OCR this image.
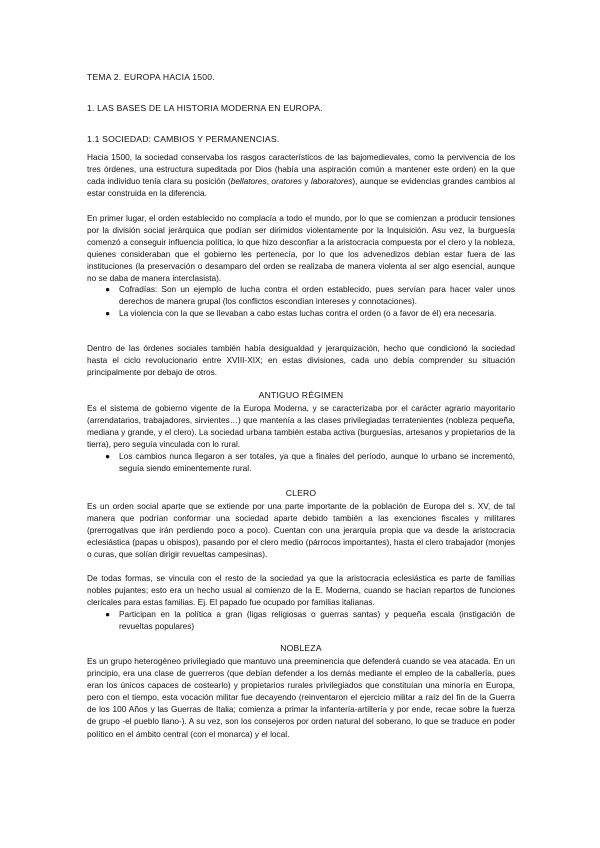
TEMA 2. EUROPA HACIA 1500.
1. LAS BASES DE LA HISTORIA MODERNA EN EUROPA.
1.1 SOCIEDAD: CAMBIOS Y PERMANENCIAS.

Hacia 1500, la sociedad conservaba los rasgos característicos de las bajomedievales, como la pervivencia de los tres órdenes, una estructura supeditada por Dios (había una aspiración común a mantener este orden) en la que cada individuo tenía clara su posición (bellatores, oratores y laboratores), aunque se evidencias grandes cambios al estar construida en la diferencia.

En primer lugar, el orden establecido no complacía a todo el mundo, por lo que se comienzan a producir tensiones por la división social jerárquica que podían ser dirimidos violentamente por la Inquisición. Asu vez, la burguesía comenzó a conseguir influencia política, lo que hizo desconfiar a la aristocracia compuesta por el clero y la nobleza, quienes consideraban que el gobierno les pertenecía, por lo que los advenedizos debían estar fuera de las instituciones (la preservación o desamparo del orden se realizaba de manera violenta al ser algo esencial, aunque no se daba de manera interclasista).

● Cofradías: Son un ejemplo de lucha contra el orden establecido, pues servían para hacer valer unos derechos de manera grupal (los conflictos escondían intereses y connotaciones).
● La violencia con la que se llevaban a cabo estas luchas contra el orden (o a favor de él) era necesaria.

Dentro de las órdenes sociales también había desigualdad y jerarquización, hecho que condicionó la sociedad hasta el ciclo revolucionario entre XVIII-XIX; en estas divisiones, cada uno debía comprender su situación principalmente por debajo de otros.

ANTIGUO RÉGIMEN

Es el sistema de gobierno vigente de la Europa Moderna, y se caracterizaba por el carácter agrario mayoritario (arrendatarios, trabajadores, sirvientes…) que mantenía a las clases privilegiadas terratenientes (nobleza pequeña, mediana y grande, y el clero). La sociedad urbana también estaba activa (burguesías, artesanos y propietarios de la tierra), pero seguía vinculada con lo rural.

● Los cambios nunca llegaron a ser totales, ya que a finales del período, aunque lo urbano se incrementó, seguía siendo eminentemente rural.
CLERO

Es un orden social aparte que se extiende por una parte importante de la población de Europa del s. XV, de tal manera que podrían conformar una sociedad aparte debido también a las exenciones fiscales y militares (prerrogativas que irán perdiendo poco a poco). Cuentan con una jerarquía propia que va desde la aristocracia eclesiástica (papas u obispos), pasando por el clero medio (párrocos importantes), hasta el clero trabajador (monjes o curas, que solían dirigir revueltas campesinas).

De todas formas, se vincula con el resto de la sociedad ya que la aristocracia eclesiástica es parte de familias nobles pujantes; esto era un hecho usual al comienzo de la E. Moderna, cuando se hacían repartos de funciones clericales para estas familias. Ej. El papado fue ocupado por familias italianas.

● Participan en la política a gran (ligas religiosas o guerras santas) y pequeña escala (instigación de revueltas populares)
NOBLEZA

Es un grupo heterogéneo privilegiado que mantuvo una preeminencia que defenderá cuando se vea atacada. En un principio, era una clase de guerreros (que debían defender a los demás mediante el empleo de la caballería, pues eran los únicos capaces de costearlo) y propietarios rurales privilegiados que constituían una minoría en Europa, pero con el tiempo, esta vocación militar fue decayendo (reinventaron el ejercicio militar a raíz del fin de la Guerra de los 100 Años y las Guerras de Italia; comienza a primar la infantería-artillería y por ende, recae sobre la fuerza de grupo -el pueblo llano-). A su vez, son los consejeros por orden natural del soberano, lo que se traduce en poder político en el ámbito central (con el monarca) y el local.
